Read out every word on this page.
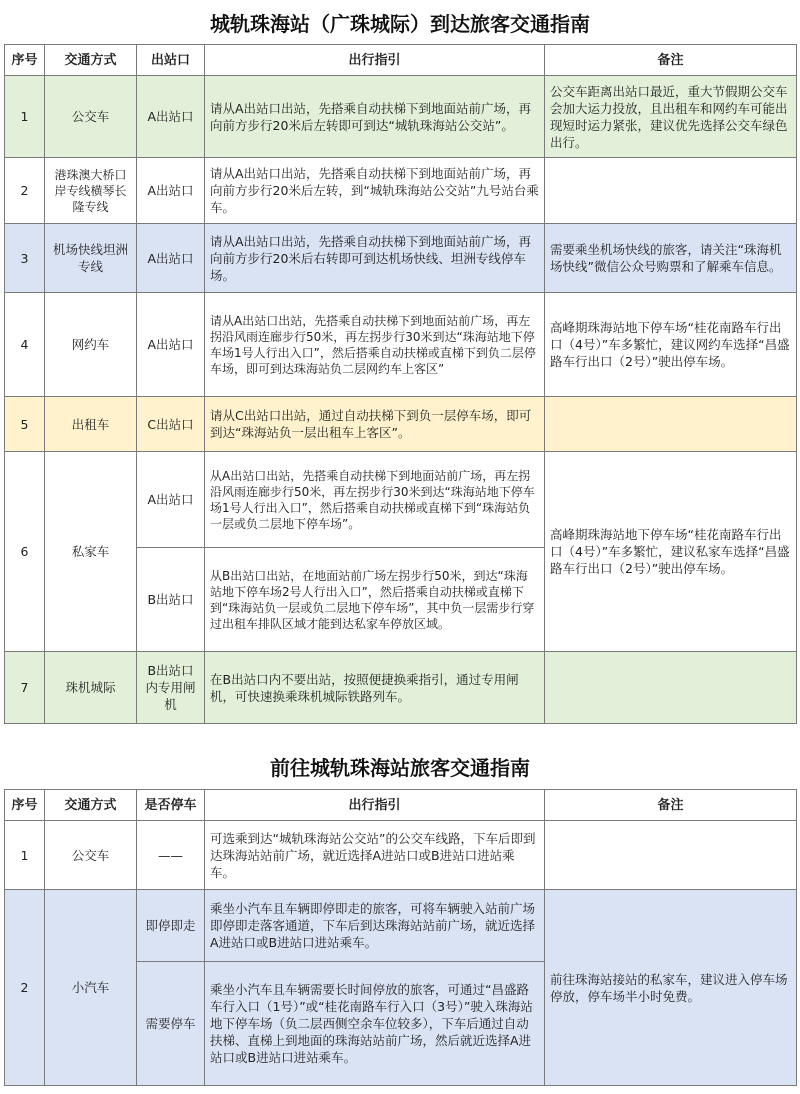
城轨珠海站（广珠城际）到达旅客交通指南
序号	交通方式	出站口	出行指引	备注
1	公交车	A出站口	请从A出站口出站，先搭乘自动扶梯下到地面站前广场，再向前方步行20米后左转即可到达“城轨珠海站公交站”。	公交车距离出站口最近，重大节假期公交车会加大运力投放，且出租车和网约车可能出现短时运力紧张，建议优先选择公交车绿色出行。
2	港珠澳大桥口岸专线横琴长隆专线	A出站口	请从A出站口出站，先搭乘自动扶梯下到地面站前广场，再向前方步行20米后左转，到“城轨珠海站公交站”九号站台乘车。	
3	机场快线坦洲专线	A出站口	请从A出站口出站，先搭乘自动扶梯下到地面站前广场，再向前方步行20米后右转即可到达机场快线、坦洲专线停车场。	需要乘坐机场快线的旅客，请关注“珠海机场快线”微信公众号购票和了解乘车信息。
4	网约车	A出站口	请从A出站口出站，先搭乘自动扶梯下到地面站前广场，再左拐沿风雨连廊步行50米，再左拐步行30米到达“珠海站地下停车场1号人行出入口”，然后搭乘自动扶梯或直梯下到负二层停车场，即可到达珠海站负二层网约车上客区”	高峰期珠海站地下停车场“桂花南路车行出口（4号）”车多繁忙，建议网约车选择“昌盛路车行出口（2号）”驶出停车场。
5	出租车	C出站口	请从C出站口出站，通过自动扶梯下到负一层停车场，即可到达“珠海站负一层出租车上客区”。	
6	私家车	A出站口	从A出站口出站，先搭乘自动扶梯下到地面站前广场，再左拐沿风雨连廊步行50米，再左拐步行30米到达“珠海站地下停车场1号人行出入口”，然后搭乘自动扶梯或直梯下到“珠海站负一层或负二层地下停车场”。	高峰期珠海站地下停车场“桂花南路车行出口（4号）”车多繁忙，建议私家车选择“昌盛路车行出口（2号）”驶出停车场。
		B出站口	从B出站口出站，在地面站前广场左拐步行50米，到达“珠海站地下停车场2号人行出入口”，然后搭乘自动扶梯或直梯下到“珠海站负一层或负二层地下停车场”，其中负一层需步行穿过出租车排队区域才能到达私家车停放区域。	
7	珠机城际	B出站口内专用闸机	在B出站口内不要出站，按照便捷换乘指引，通过专用闸机，可快速换乘珠机城际铁路列车。	
前往城轨珠海站旅客交通指南
序号	交通方式	是否停车	出行指引	备注
1	公交车	——	可选乘到达“城轨珠海站公交站”的公交车线路，下车后即到达珠海站站前广场，就近选择A进站口或B进站口进站乘车。	
2	小汽车	即停即走	乘坐小汽车且车辆即停即走的旅客，可将车辆驶入站前广场即停即走落客通道，下车后到达珠海站站前广场，就近选择A进站口或B进站口进站乘车。	前往珠海站接站的私家车，建议进入停车场停放，停车场半小时免费。
		需要停车	乘坐小汽车且车辆需要长时间停放的旅客，可通过“昌盛路车行入口（1号）”或“桂花南路车行入口（3号）”驶入珠海站地下停车场（负二层西侧空余车位较多），下车后通过自动扶梯、直梯上到地面的珠海站站前广场，然后就近选择A进站口或B进站口进站乘车。	
